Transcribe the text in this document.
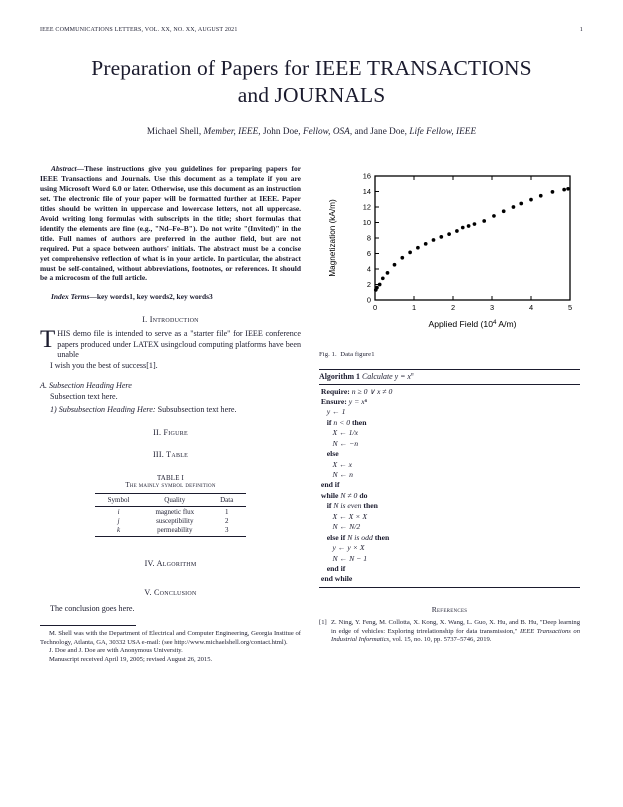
IEEE COMMUNICATIONS LETTERS, VOL. XX, NO. XX, AUGUST 2021	1
Preparation of Papers for IEEE TRANSACTIONS
and JOURNALS
Michael Shell, Member, IEEE, John Doe, Fellow, OSA, and Jane Doe, Life Fellow, IEEE

Abstract—These instructions give you guidelines for preparing papers for IEEE Transactions and Journals. Use this document as a template if you are using Microsoft Word 6.0 or later. Otherwise, use this document as an instruction set. The electronic file of your paper will be formatted further at IEEE. Paper titles should be written in uppercase and lowercase letters, not all uppercase. Avoid writing long formulas with subscripts in the title; short formulas that identify the elements are fine (e.g., "Nd–Fe–B"). Do not write "(Invited)" in the title. Full names of authors are preferred in the author field, but are not required. Put a space between authors' initials. The abstract must be a concise yet comprehensive reflection of what is in your article. In particular, the abstract must be self-contained, without abbreviations, footnotes, or references. It should be a microcosm of the full article.

Index Terms—key words1, key words2, key words3

I. Introduction

THIS demo file is intended to serve as a "starter file" for IEEE conference papers produced under LATEX usingcloud computing platforms have been unable

I wish you the best of success[1].

A. Subsection Heading Here

Subsection text here.

1) Subsubsection Heading Here: Subsubsection text here.

II. Figure
III. Table
TABLE I
The mainly symbol definition
Symbol	Quality	Data
i	magnetic flux	1
j	susceptibility	2
k	permeability	3
IV. Algorithm
V. Conclusion

The conclusion goes here.

M. Shell was with the Department of Electrical and Computer Engineering, Georgia Institue of Technology, Atlanta, GA, 30332 USA e-mail: (see http://www.michaelshell.org/contact.html).

J. Doe and J. Doe are with Anonymous University.

Manuscript received April 19, 2005; revised August 26, 2015.

0
2
4
6
8
10
12
14
16
0	1	2	3	4	5
Magnetization (kA/m)
Applied Field ($10^4$ A/m)
Fig. 1. Data figure1
Algorithm 1 Calculate $y = x^n$
Require: n ≥ 0 ∨ x ≠ 0
Ensure: y = xⁿ
y ← 1
if n < 0 then
X ← 1/x
N ← −n
else
X ← x
N ← n
end if
while N ≠ 0 do
if N is even then
X ← X × X
N ← N/2
else if N is odd then
y ← y × X
N ← N − 1
end if
end while
References
[1] Z. Ning, Y. Feng, M. Collotta, X. Kong, X. Wang, L. Guo, X. Hu, and B. Hu, "Deep learning in edge of vehicles: Exploring trirelationship for data transmission," IEEE Transactions on Industrial Informatics, vol. 15, no. 10, pp. 5737–5746, 2019.
